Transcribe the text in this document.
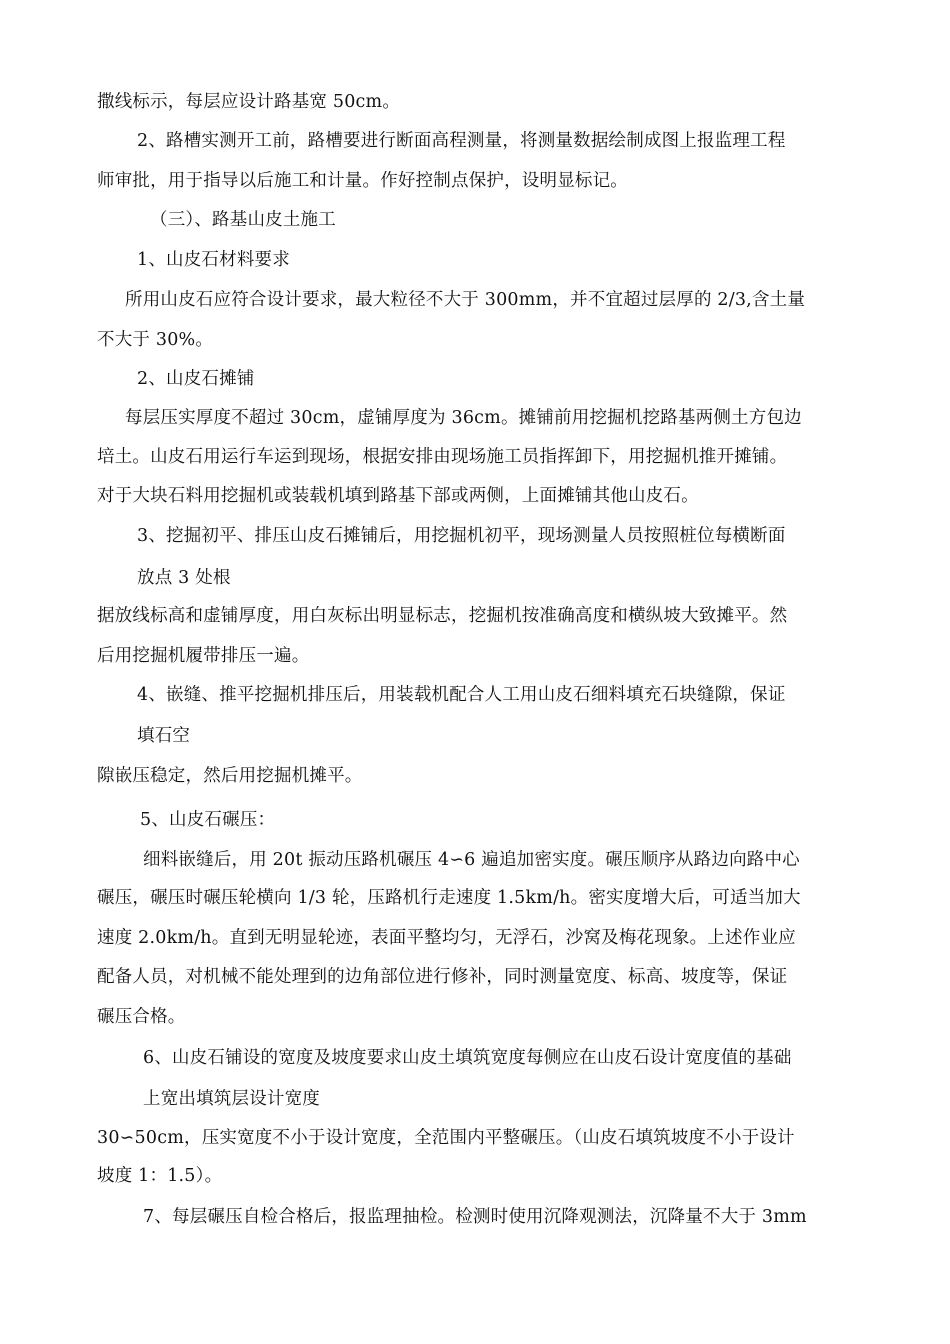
撒线标示，每层应设计路基宽 50cm。
2、路槽实测开工前，路槽要进行断面高程测量，将测量数据绘制成图上报监理工程
师审批，用于指导以后施工和计量。作好控制点保护，设明显标记。
（三）、路基山皮土施工
1、山皮石材料要求
所用山皮石应符合设计要求，最大粒径不大于 300mm，并不宜超过层厚的 2/3,含土量
不大于 30%。
2、山皮石摊铺
每层压实厚度不超过 30cm，虚铺厚度为 36cm。摊铺前用挖掘机挖路基两侧土方包边
培土。山皮石用运行车运到现场，根据安排由现场施工员指挥卸下，用挖掘机推开摊铺。
对于大块石料用挖掘机或装载机填到路基下部或两侧，上面摊铺其他山皮石。
3、挖掘初平、排压山皮石摊铺后，用挖掘机初平，现场测量人员按照桩位每横断面
放点 3 处根
据放线标高和虚铺厚度，用白灰标出明显标志，挖掘机按准确高度和横纵坡大致摊平。然
后用挖掘机履带排压一遍。
4、嵌缝、推平挖掘机排压后，用装载机配合人工用山皮石细料填充石块缝隙，保证
填石空
隙嵌压稳定，然后用挖掘机摊平。
5、山皮石碾压：
细料嵌缝后，用 20t 振动压路机碾压 4∽6 遍追加密实度。碾压顺序从路边向路中心
碾压，碾压时碾压轮横向 1/3 轮，压路机行走速度 1.5km/h。密实度增大后，可适当加大
速度 2.0km/h。直到无明显轮迹，表面平整均匀，无浮石，沙窝及梅花现象。上述作业应
配备人员，对机械不能处理到的边角部位进行修补，同时测量宽度、标高、坡度等，保证
碾压合格。
6、山皮石铺设的宽度及坡度要求山皮土填筑宽度每侧应在山皮石设计宽度值的基础
上宽出填筑层设计宽度
30∽50cm，压实宽度不小于设计宽度，全范围内平整碾压。（山皮石填筑坡度不小于设计
坡度 1：1.5）。
7、每层碾压自检合格后，报监理抽检。检测时使用沉降观测法，沉降量不大于 3mm
